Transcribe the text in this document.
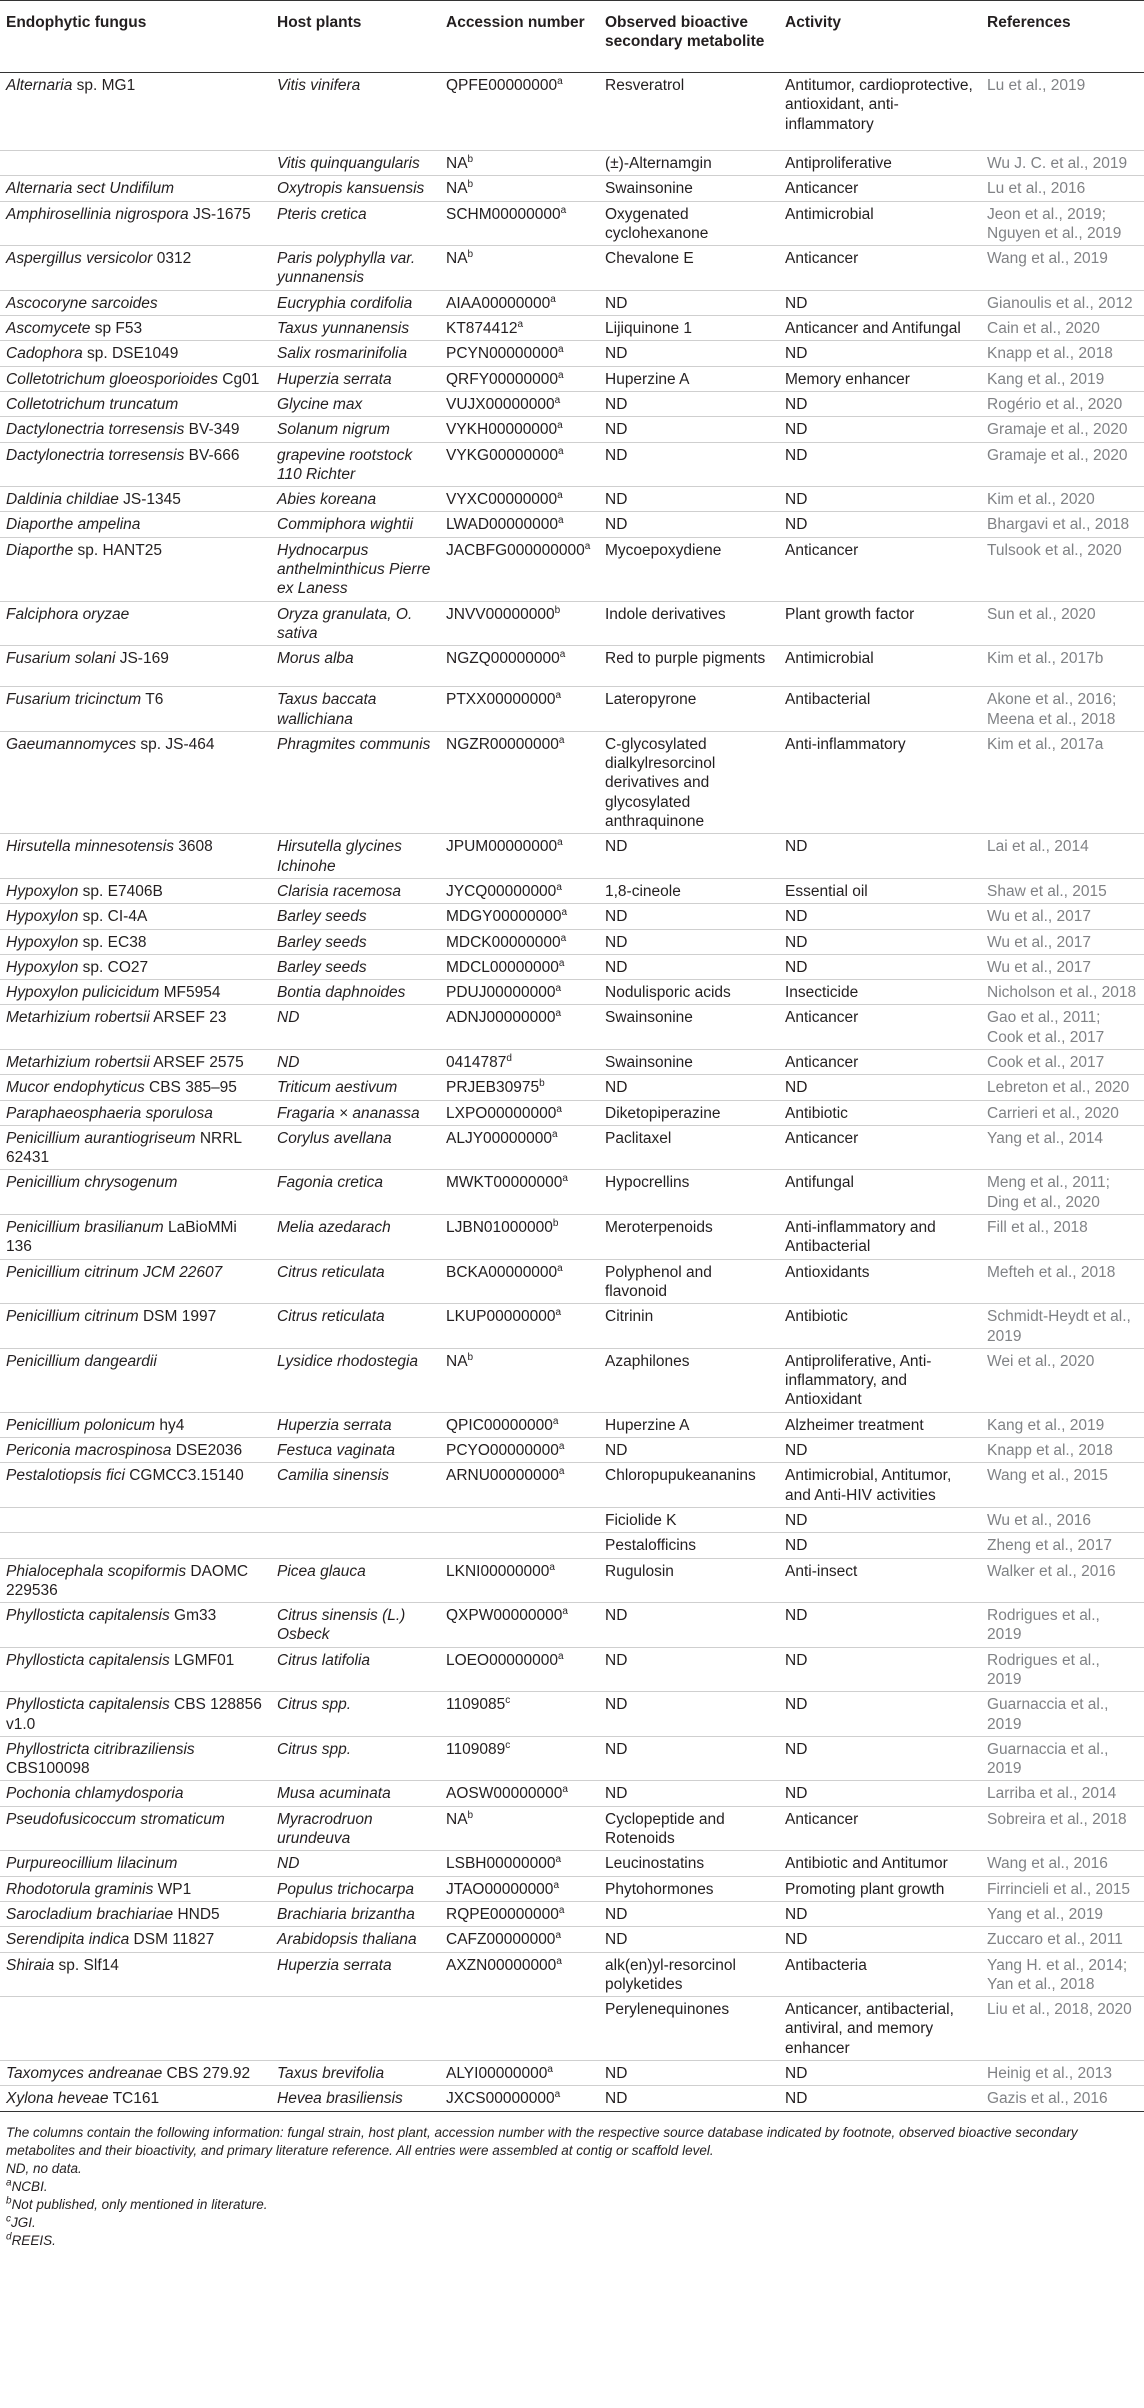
Endophytic fungus	Host plants	Accession number	Observed bioactive secondary metabolite	Activity	References
Alternaria sp. MG1	Vitis vinifera	QPFE00000000$^a$	Resveratrol	Antitumor, cardioprotective, antioxidant, anti-inflammatory	Lu et al., 2019
	Vitis quinquangularis	$NA^b$	(±)-Alternamgin	Antiproliferative	Wu J. C. et al., 2019
Alternaria sect Undifilum	Oxytropis kansuensis	$NA^b$	Swainsonine	Anticancer	Lu et al., 2016
Amphirosellinia nigrospora JS-1675	Pteris cretica	SCHM00000000$^a$	Oxygenated cyclohexanone	Antimicrobial	Jeon et al., 2019; Nguyen et al., 2019
Aspergillus versicolor 0312	Paris polyphylla var. yunnanensis	$NA^b$	Chevalone E	Anticancer	Wang et al., 2019
Ascocoryne sarcoides	Eucryphia cordifolia	AIAA00000000$^a$	ND	ND	Gianoulis et al., 2012
Ascomycete sp F53	Taxus yunnanensis	KT874412$^a$	Lijiquinone 1	Anticancer and Antifungal	Cain et al., 2020
Cadophora sp. DSE1049	Salix rosmarinifolia	PCYN00000000$^a$	ND	ND	Knapp et al., 2018
Colletotrichum gloeosporioides Cg01	Huperzia serrata	QRFY00000000$^a$	Huperzine A	Memory enhancer	Kang et al., 2019
Colletotrichum truncatum	Glycine max	VUJX00000000$^a$	ND	ND	Rogério et al., 2020
Dactylonectria torresensis BV-349	Solanum nigrum	VYKH00000000$^a$	ND	ND	Gramaje et al., 2020
Dactylonectria torresensis BV-666	grapevine rootstock 110 Richter	VYKG00000000$^a$	ND	ND	Gramaje et al., 2020
Daldinia childiae JS-1345	Abies koreana	VYXC00000000$^a$	ND	ND	Kim et al., 2020
Diaporthe ampelina	Commiphora wightii	LWAD00000000$^a$	ND	ND	Bhargavi et al., 2018
Diaporthe sp. HANT25	Hydnocarpus anthelminthicus Pierre ex Laness	JACBFG000000000$^a$	Mycoepoxydiene	Anticancer	Tulsook et al., 2020
Falciphora oryzae	Oryza granulata, O. sativa	JNVV00000000$^b$	Indole derivatives	Plant growth factor	Sun et al., 2020
Fusarium solani JS-169	Morus alba	NGZQ00000000$^a$	Red to purple pigments	Antimicrobial	Kim et al., 2017b
Fusarium tricinctum T6	Taxus baccata wallichiana	PTXX00000000$^a$	Lateropyrone	Antibacterial	Akone et al., 2016; Meena et al., 2018
Gaeumannomyces sp. JS-464	Phragmites communis	NGZR00000000$^a$	C-glycosylated dialkylresorcinol derivatives and glycosylated anthraquinone	Anti-inflammatory	Kim et al., 2017a
Hirsutella minnesotensis 3608	Hirsutella glycines Ichinohe	JPUM00000000$^a$	ND	ND	Lai et al., 2014
Hypoxylon sp. E7406B	Clarisia racemosa	JYCQ00000000$^a$	1,8-cineole	Essential oil	Shaw et al., 2015
Hypoxylon sp. CI-4A	Barley seeds	MDGY00000000$^a$	ND	ND	Wu et al., 2017
Hypoxylon sp. EC38	Barley seeds	MDCK00000000$^a$	ND	ND	Wu et al., 2017
Hypoxylon sp. CO27	Barley seeds	MDCL00000000$^a$	ND	ND	Wu et al., 2017
Hypoxylon pulicicidum MF5954	Bontia daphnoides	PDUJ00000000$^a$	Nodulisporic acids	Insecticide	Nicholson et al., 2018
Metarhizium robertsii ARSEF 23	ND	ADNJ00000000$^a$	Swainsonine	Anticancer	Gao et al., 2011; Cook et al., 2017
Metarhizium robertsii ARSEF 2575	ND	0414787$^d$	Swainsonine	Anticancer	Cook et al., 2017
Mucor endophyticus CBS 385–95	Triticum aestivum	PRJEB30975$^b$	ND	ND	Lebreton et al., 2020
Paraphaeosphaeria sporulosa	Fragaria × ananassa	LXPO00000000$^a$	Diketopiperazine	Antibiotic	Carrieri et al., 2020
Penicillium aurantiogriseum NRRL 62431	Corylus avellana	ALJY00000000$^a$	Paclitaxel	Anticancer	Yang et al., 2014
Penicillium chrysogenum	Fagonia cretica	MWKT00000000$^a$	Hypocrellins	Antifungal	Meng et al., 2011; Ding et al., 2020
Penicillium brasilianum LaBioMMi 136	Melia azedarach	LJBN01000000$^b$	Meroterpenoids	Anti-inflammatory and Antibacterial	Fill et al., 2018
Penicillium citrinum JCM 22607	Citrus reticulata	BCKA00000000$^a$	Polyphenol and flavonoid	Antioxidants	Mefteh et al., 2018
Penicillium citrinum DSM 1997	Citrus reticulata	LKUP00000000$^a$	Citrinin	Antibiotic	Schmidt-Heydt et al., 2019
Penicillium dangeardii	Lysidice rhodostegia	$NA^b$	Azaphilones	Antiproliferative, Anti-inflammatory, and Antioxidant	Wei et al., 2020
Penicillium polonicum hy4	Huperzia serrata	QPIC00000000$^a$	Huperzine A	Alzheimer treatment	Kang et al., 2019
Periconia macrospinosa DSE2036	Festuca vaginata	PCYO00000000$^a$	ND	ND	Knapp et al., 2018
Pestalotiopsis fici CGMCC3.15140	Camilia sinensis	ARNU00000000$^a$	Chloropupukeananins	Antimicrobial, Antitumor, and Anti-HIV activities	Wang et al., 2015
			Ficiolide K	ND	Wu et al., 2016
			Pestalofficins	ND	Zheng et al., 2017
Phialocephala scopiformis DAOMC 229536	Picea glauca	LKNI00000000$^a$	Rugulosin	Anti-insect	Walker et al., 2016
Phyllosticta capitalensis Gm33	Citrus sinensis (L.) Osbeck	QXPW00000000$^a$	ND	ND	Rodrigues et al., 2019
Phyllosticta capitalensis LGMF01	Citrus latifolia	LOEO00000000$^a$	ND	ND	Rodrigues et al., 2019
Phyllosticta capitalensis CBS 128856 v1.0	Citrus spp.	1109085$^c$	ND	ND	Guarnaccia et al., 2019
Phyllostricta citribraziliensis CBS100098	Citrus spp.	1109089$^c$	ND	ND	Guarnaccia et al., 2019
Pochonia chlamydosporia	Musa acuminata	AOSW00000000$^a$	ND	ND	Larriba et al., 2014
Pseudofusicoccum stromaticum	Myracrodruon urundeuva	$NA^b$	Cyclopeptide and Rotenoids	Anticancer	Sobreira et al., 2018
Purpureocillium lilacinum	ND	LSBH00000000$^a$	Leucinostatins	Antibiotic and Antitumor	Wang et al., 2016
Rhodotorula graminis WP1	Populus trichocarpa	JTAO00000000$^a$	Phytohormones	Promoting plant growth	Firrincieli et al., 2015
Sarocladium brachiariae HND5	Brachiaria brizantha	RQPE00000000$^a$	ND	ND	Yang et al., 2019
Serendipita indica DSM 11827	Arabidopsis thaliana	CAFZ00000000$^a$	ND	ND	Zuccaro et al., 2011
Shiraia sp. Slf14	Huperzia serrata	AXZN00000000$^a$	alk(en)yl-resorcinol polyketides	Antibacteria	Yang H. et al., 2014; Yan et al., 2018
			Perylenequinones	Anticancer, antibacterial, antiviral, and memory enhancer	Liu et al., 2018, 2020
Taxomyces andreanae CBS 279.92	Taxus brevifolia	ALYI00000000$^a$	ND	ND	Heinig et al., 2013
Xylona heveae TC161	Hevea brasiliensis	JXCS00000000$^a$	ND	ND	Gazis et al., 2016
The columns contain the following information: fungal strain, host plant, accession number with the respective source database indicated by footnote, observed bioactive secondary metabolites and their bioactivity, and primary literature reference. All entries were assembled at contig or scaffold level.
ND, no data.
$^a$NCBI.
$^b$Not published, only mentioned in literature.
$^c$JGI.
$^d$REEIS.
